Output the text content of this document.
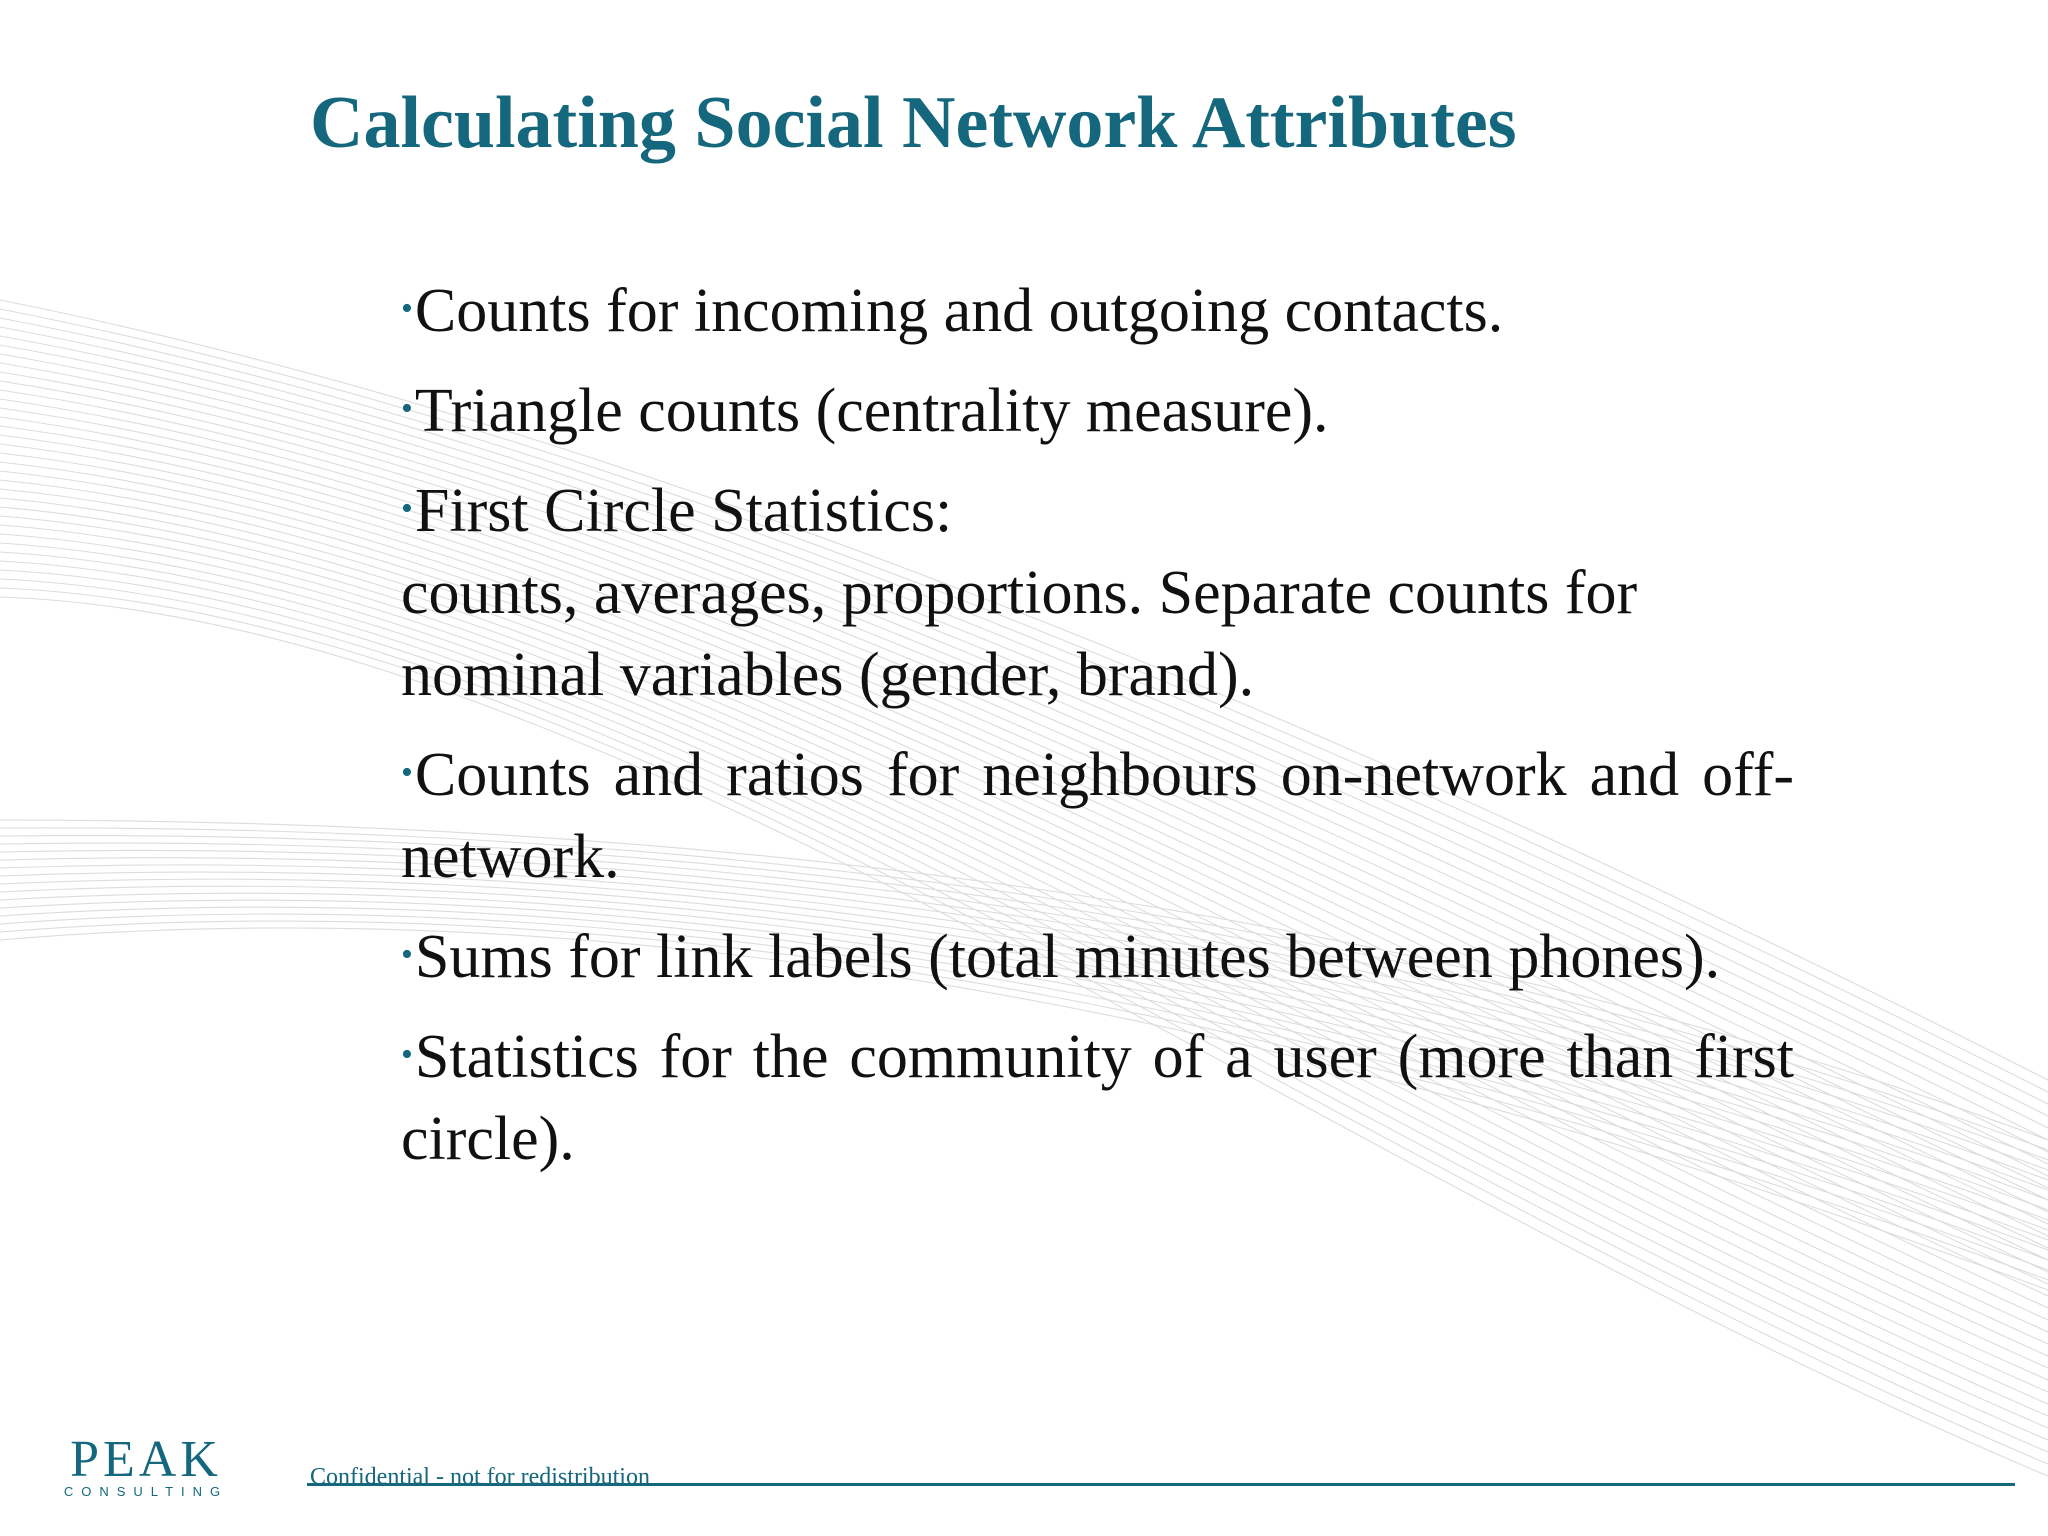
Calculating Social Network Attributes
•Counts for incoming and outgoing contacts.
•Triangle counts (centrality measure).
•First Circle Statistics:
counts, averages, proportions. Separate counts for nominal variables (gender, brand).
•Counts and ratios for neighbours on-network and off-network.
•Sums for link labels (total minutes between phones).
•Statistics for the community of a user (more than first circle).
PEAK
CONSULTING
Confidential - not for redistribution
